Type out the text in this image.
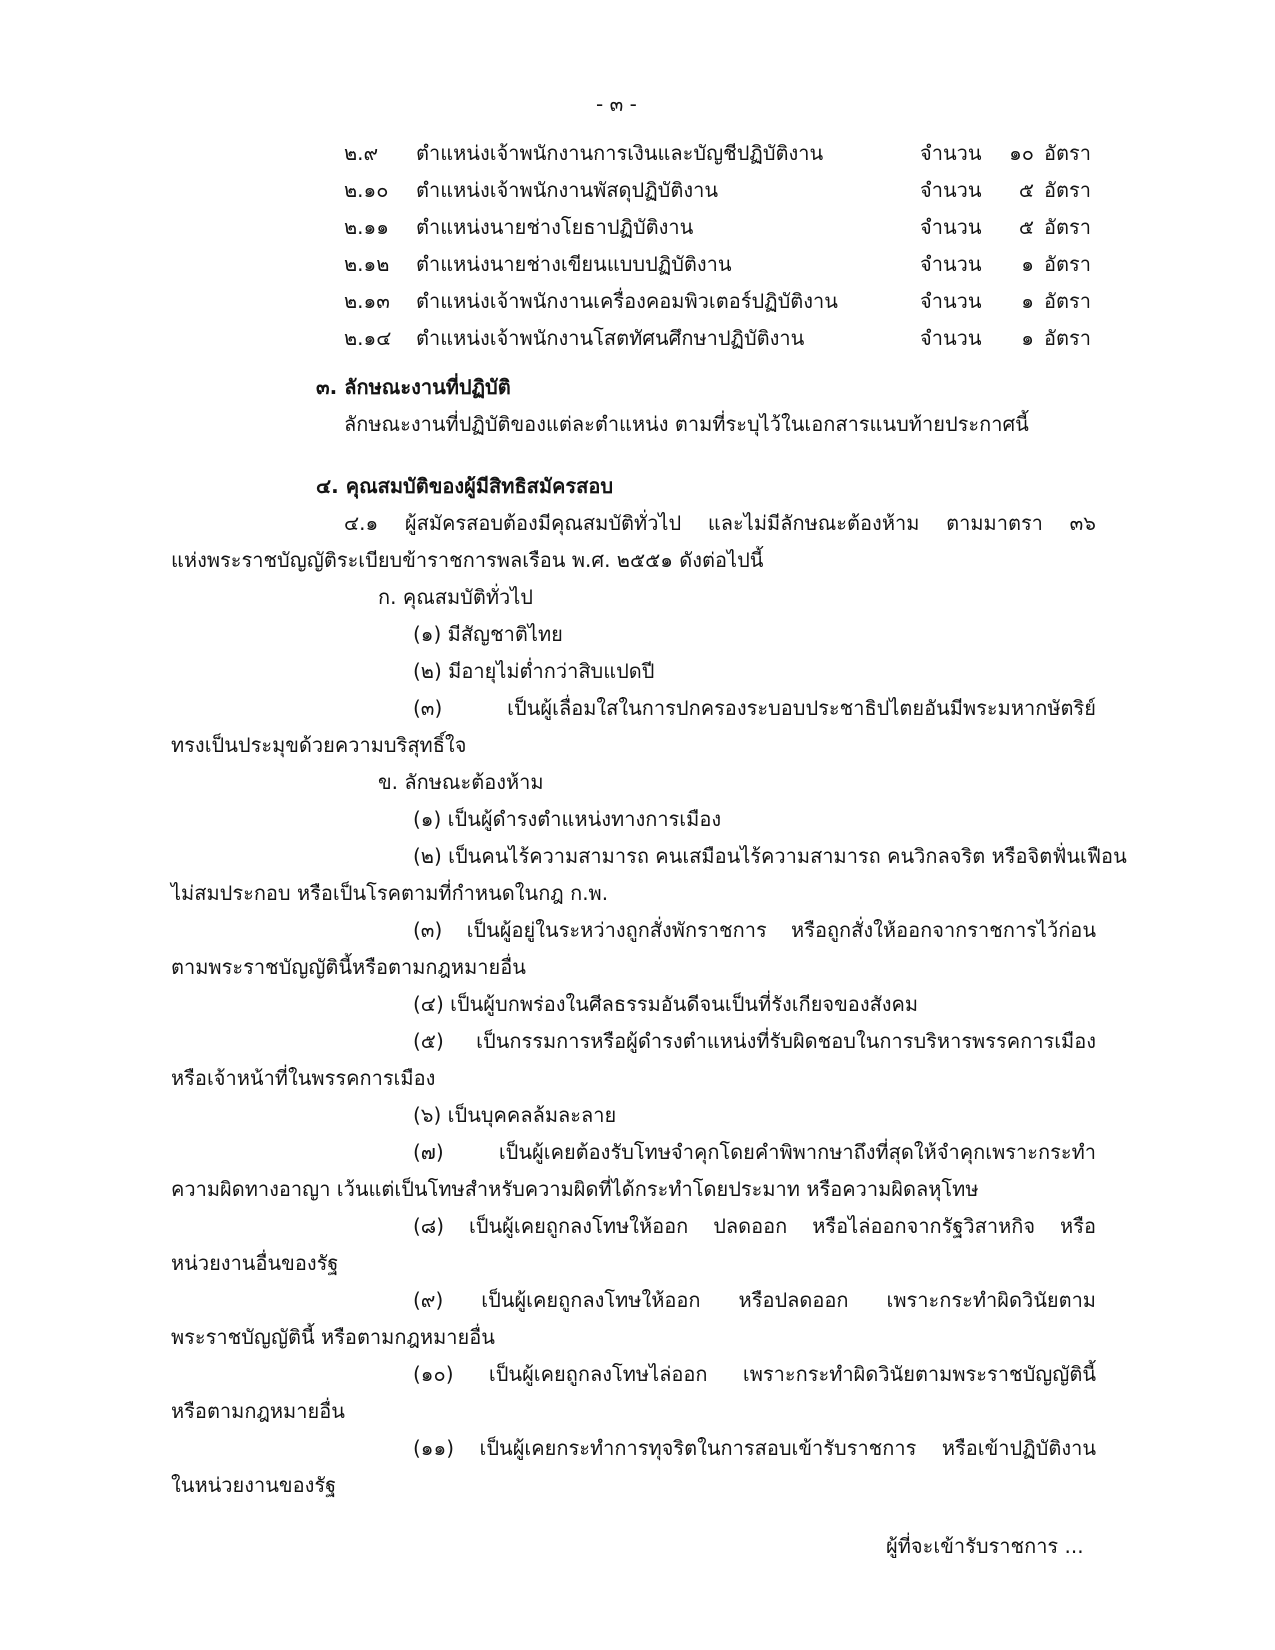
- ๓ -
๒.๙ ตำแหน่งเจ้าพนักงานการเงินและบัญชีปฏิบัติงาน	จำนวน	๑๐ อัตรา
๒.๑๐ ตำแหน่งเจ้าพนักงานพัสดุปฏิบัติงาน	จำนวน	๕ อัตรา
๒.๑๑ ตำแหน่งนายช่างโยธาปฏิบัติงาน	จำนวน	๕ อัตรา
๒.๑๒ ตำแหน่งนายช่างเขียนแบบปฏิบัติงาน	จำนวน	๑ อัตรา
๒.๑๓ ตำแหน่งเจ้าพนักงานเครื่องคอมพิวเตอร์ปฏิบัติงาน	จำนวน	๑ อัตรา
๒.๑๔ ตำแหน่งเจ้าพนักงานโสตทัศนศึกษาปฏิบัติงาน	จำนวน	๑ อัตรา
๓. ลักษณะงานที่ปฏิบัติ
ลักษณะงานที่ปฏิบัติของแต่ละตำแหน่ง ตามที่ระบุไว้ในเอกสารแนบท้ายประกาศนี้
๔. คุณสมบัติของผู้มีสิทธิสมัครสอบ
๔.๑ ผู้สมัครสอบต้องมีคุณสมบัติทั่วไป และไม่มีลักษณะต้องห้าม ตามมาตรา ๓๖
แห่งพระราชบัญญัติระเบียบข้าราชการพลเรือน พ.ศ. ๒๕๕๑ ดังต่อไปนี้
ก. คุณสมบัติทั่วไป
(๑) มีสัญชาติไทย
(๒) มีอายุไม่ต่ำกว่าสิบแปดปี
(๓) เป็นผู้เลื่อมใสในการปกครองระบอบประชาธิปไตยอันมีพระมหากษัตริย์
ทรงเป็นประมุขด้วยความบริสุทธิ์ใจ
ข. ลักษณะต้องห้าม
(๑) เป็นผู้ดำรงตำแหน่งทางการเมือง
(๒) เป็นคนไร้ความสามารถ คนเสมือนไร้ความสามารถ คนวิกลจริต หรือจิตฟั่นเฟือน
ไม่สมประกอบ หรือเป็นโรคตามที่กำหนดในกฎ ก.พ.
(๓) เป็นผู้อยู่ในระหว่างถูกสั่งพักราชการ หรือถูกสั่งให้ออกจากราชการไว้ก่อน
ตามพระราชบัญญัตินี้หรือตามกฎหมายอื่น
(๔) เป็นผู้บกพร่องในศีลธรรมอันดีจนเป็นที่รังเกียจของสังคม
(๕) เป็นกรรมการหรือผู้ดำรงตำแหน่งที่รับผิดชอบในการบริหารพรรคการเมือง
หรือเจ้าหน้าที่ในพรรคการเมือง
(๖) เป็นบุคคลล้มละลาย
(๗) เป็นผู้เคยต้องรับโทษจำคุกโดยคำพิพากษาถึงที่สุดให้จำคุกเพราะกระทำ
ความผิดทางอาญา เว้นแต่เป็นโทษสำหรับความผิดที่ได้กระทำโดยประมาท หรือความผิดลหุโทษ
(๘) เป็นผู้เคยถูกลงโทษให้ออก ปลดออก หรือไล่ออกจากรัฐวิสาหกิจ หรือ
หน่วยงานอื่นของรัฐ
(๙) เป็นผู้เคยถูกลงโทษให้ออก หรือปลดออก เพราะกระทำผิดวินัยตาม
พระราชบัญญัตินี้ หรือตามกฎหมายอื่น
(๑๐) เป็นผู้เคยถูกลงโทษไล่ออก เพราะกระทำผิดวินัยตามพระราชบัญญัตินี้
หรือตามกฎหมายอื่น
(๑๑) เป็นผู้เคยกระทำการทุจริตในการสอบเข้ารับราชการ หรือเข้าปฏิบัติงาน
ในหน่วยงานของรัฐ
ผู้ที่จะเข้ารับราชการ ...
